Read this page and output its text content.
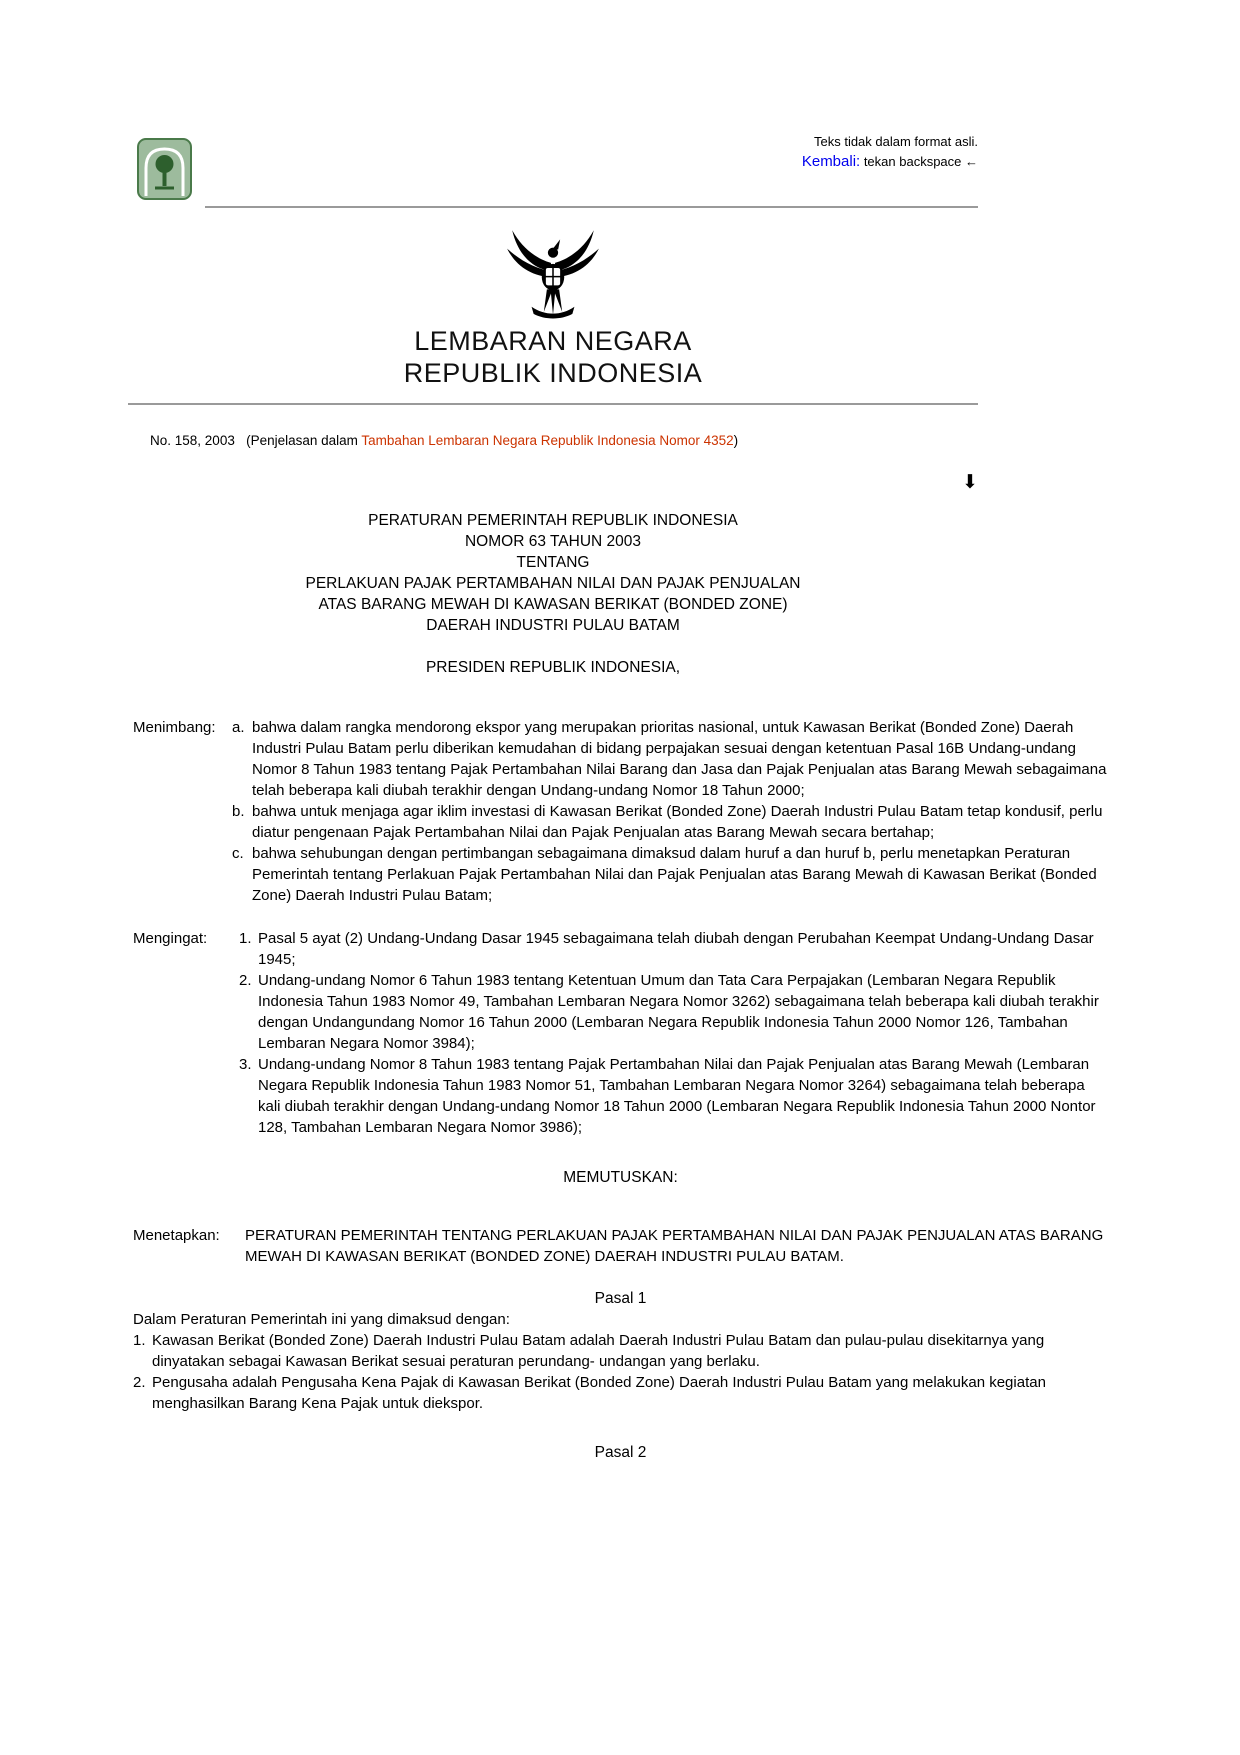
Teks tidak dalam format asli.
Kembali: tekan backspace ←
LEMBARAN NEGARA
REPUBLIK INDONESIA

No. 158, 2003   (Penjelasan dalam Tambahan Lembaran Negara Republik Indonesia Nomor 4352)

⬇
PERATURAN PEMERINTAH REPUBLIK INDONESIA
NOMOR 63 TAHUN 2003
TENTANG
PERLAKUAN PAJAK PERTAMBAHAN NILAI DAN PAJAK PENJUALAN
ATAS BARANG MEWAH DI KAWASAN BERIKAT (BONDED ZONE)
DAERAH INDUSTRI PULAU BATAM
PRESIDEN REPUBLIK INDONESIA,
Menimbang:	a. bahwa dalam rangka mendorong ekspor yang merupakan prioritas nasional, untuk Kawasan Berikat (Bonded Zone) Daerah Industri Pulau Batam perlu diberikan kemudahan di bidang perpajakan sesuai dengan ketentuan Pasal 16B Undang-undang Nomor 8 Tahun 1983 tentang Pajak Pertambahan Nilai Barang dan Jasa dan Pajak Penjualan atas Barang Mewah sebagaimana telah beberapa kali diubah terakhir dengan Undang-undang Nomor 18 Tahun 2000;
b. bahwa untuk menjaga agar iklim investasi di Kawasan Berikat (Bonded Zone) Daerah Industri Pulau Batam tetap kondusif, perlu diatur pengenaan Pajak Pertambahan Nilai dan Pajak Penjualan atas Barang Mewah secara bertahap;
c. bahwa sehubungan dengan pertimbangan sebagaimana dimaksud dalam huruf a dan huruf b, perlu menetapkan Peraturan Pemerintah tentang Perlakuan Pajak Pertambahan Nilai dan Pajak Penjualan atas Barang Mewah di Kawasan Berikat (Bonded Zone) Daerah Industri Pulau Batam;
Mengingat:	1. Pasal 5 ayat (2) Undang-Undang Dasar 1945 sebagaimana telah diubah dengan Perubahan Keempat Undang-Undang Dasar 1945;
2. Undang-undang Nomor 6 Tahun 1983 tentang Ketentuan Umum dan Tata Cara Perpajakan (Lembaran Negara Republik Indonesia Tahun 1983 Nomor 49, Tambahan Lembaran Negara Nomor 3262) sebagaimana telah beberapa kali diubah terakhir dengan Undangundang Nomor 16 Tahun 2000 (Lembaran Negara Republik Indonesia Tahun 2000 Nomor 126, Tambahan Lembaran Negara Nomor 3984);
3. Undang-undang Nomor 8 Tahun 1983 tentang Pajak Pertambahan Nilai dan Pajak Penjualan atas Barang Mewah (Lembaran Negara Republik Indonesia Tahun 1983 Nomor 51, Tambahan Lembaran Negara Nomor 3264) sebagaimana telah beberapa kali diubah terakhir dengan Undang-undang Nomor 18 Tahun 2000 (Lembaran Negara Republik Indonesia Tahun 2000 Nontor 128, Tambahan Lembaran Negara Nomor 3986);
MEMUTUSKAN:
Menetapkan:	PERATURAN PEMERINTAH TENTANG PERLAKUAN PAJAK PERTAMBAHAN NILAI DAN PAJAK PENJUALAN ATAS BARANG MEWAH DI KAWASAN BERIKAT (BONDED ZONE) DAERAH INDUSTRI PULAU BATAM.
Pasal 1
Dalam Peraturan Pemerintah ini yang dimaksud dengan:
1. Kawasan Berikat (Bonded Zone) Daerah Industri Pulau Batam adalah Daerah Industri Pulau Batam dan pulau-pulau disekitarnya yang dinyatakan sebagai Kawasan Berikat sesuai peraturan perundang- undangan yang berlaku.
2. Pengusaha adalah Pengusaha Kena Pajak di Kawasan Berikat (Bonded Zone) Daerah Industri Pulau Batam yang melakukan kegiatan menghasilkan Barang Kena Pajak untuk diekspor.
Pasal 2
